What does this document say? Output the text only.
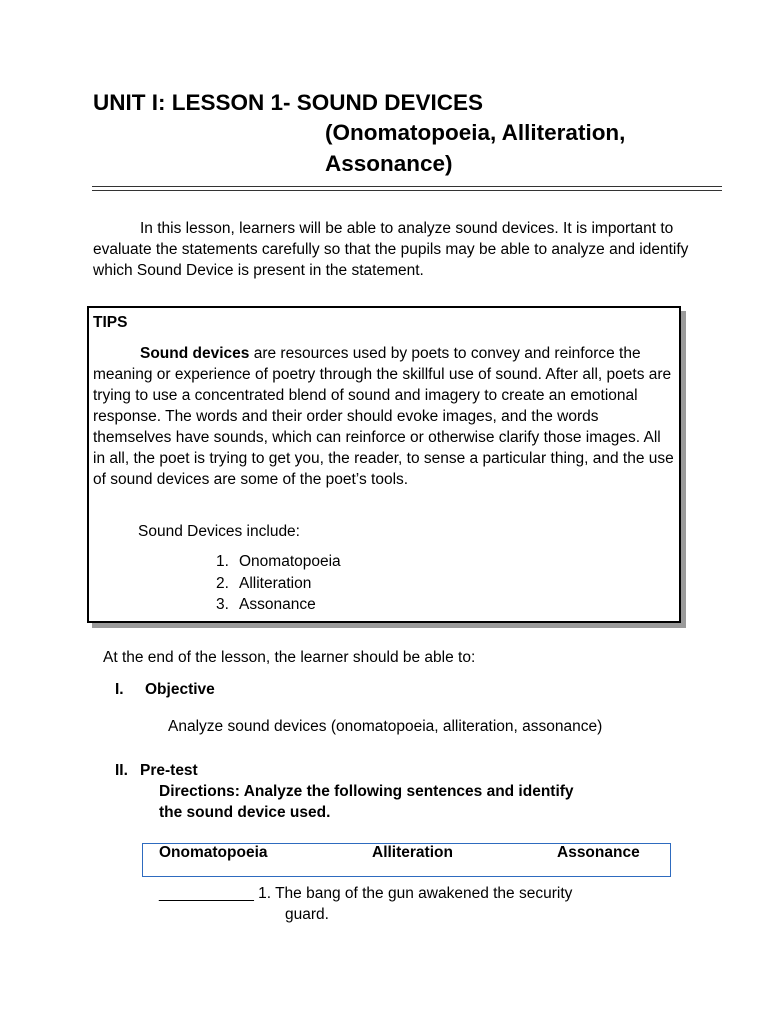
UNIT I: LESSON 1- SOUND DEVICES
(Onomatopoeia, Alliteration,
Assonance)

In this lesson, learners will be able to analyze sound devices. It is important to evaluate the statements carefully so that the pupils may be able to analyze and identify which Sound Device is present in the statement.

TIPS

Sound devices are resources used by poets to convey and reinforce the meaning or experience of poetry through the skillful use of sound. After all, poets are trying to use a concentrated blend of sound and imagery to create an emotional response. The words and their order should evoke images, and the words themselves have sounds, which can reinforce or otherwise clarify those images. All in all, the poet is trying to get you, the reader, to sense a particular thing, and the use of sound devices are some of the poet’s tools.

Sound Devices include:
1. Onomatopoeia
2. Alliteration
3. Assonance
At the end of the lesson, the learner should be able to:
I. Objective
Analyze sound devices (onomatopoeia, alliteration, assonance)
II. Pre-test
Directions: Analyze the following sentences and identify
the sound device used.
Onomatopoeia	Alliteration	Assonance
___________ 1. The bang of the gun awakened the security
guard.
